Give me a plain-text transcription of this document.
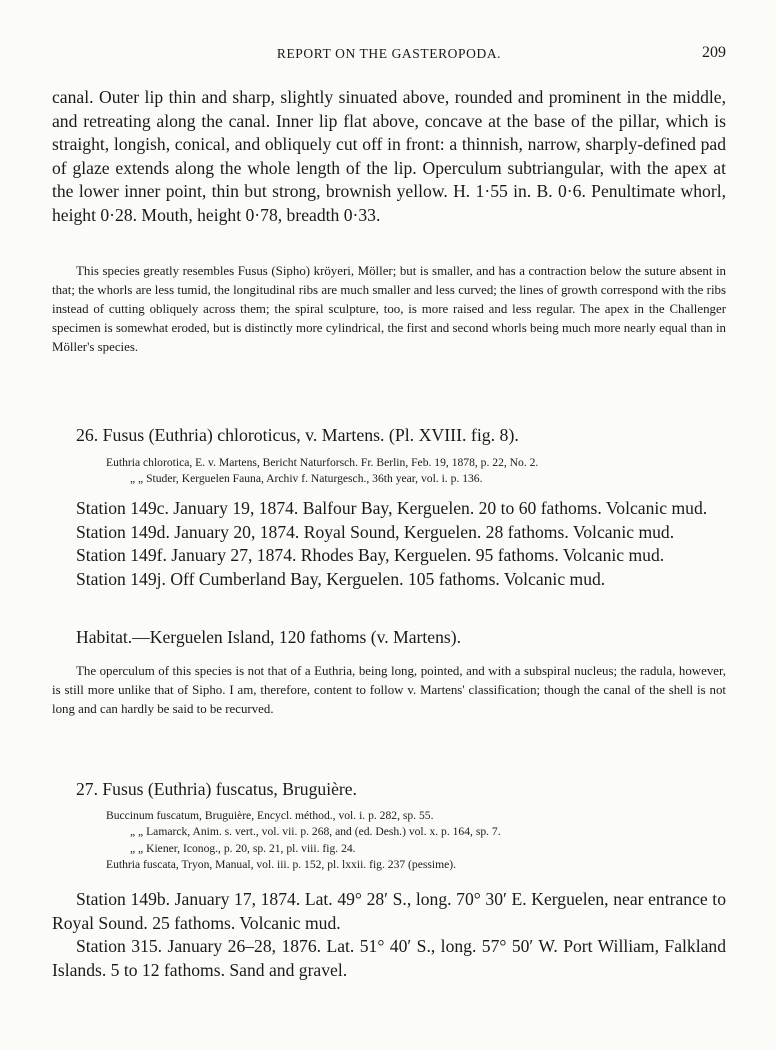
REPORT ON THE GASTEROPODA.	209

canal. Outer lip thin and sharp, slightly sinuated above, rounded and prominent in the middle, and retreating along the canal. Inner lip flat above, concave at the base of the pillar, which is straight, longish, conical, and obliquely cut off in front: a thinnish, narrow, sharply-defined pad of glaze extends along the whole length of the lip. Operculum subtriangular, with the apex at the lower inner point, thin but strong, brownish yellow. H. 1·55 in. B. 0·6. Penultimate whorl, height 0·28. Mouth, height 0·78, breadth 0·33.

This species greatly resembles Fusus (Sipho) kröyeri, Möller; but is smaller, and has a contraction below the suture absent in that; the whorls are less tumid, the longitudinal ribs are much smaller and less curved; the lines of growth correspond with the ribs instead of cutting obliquely across them; the spiral sculpture, too, is more raised and less regular. The apex in the Challenger specimen is somewhat eroded, but is distinctly more cylindrical, the first and second whorls being much more nearly equal than in Möller's species.

26. Fusus (Euthria) chloroticus, v. Martens. (Pl. XVIII. fig. 8).

Euthria chlorotica, E. v. Martens, Bericht Naturforsch. Fr. Berlin, Feb. 19, 1878, p. 22, No. 2.

„ „ Studer, Kerguelen Fauna, Archiv f. Naturgesch., 36th year, vol. i. p. 136.

Station 149c. January 19, 1874. Balfour Bay, Kerguelen. 20 to 60 fathoms. Volcanic mud.

Station 149d. January 20, 1874. Royal Sound, Kerguelen. 28 fathoms. Volcanic mud.

Station 149f. January 27, 1874. Rhodes Bay, Kerguelen. 95 fathoms. Volcanic mud.

Station 149j. Off Cumberland Bay, Kerguelen. 105 fathoms. Volcanic mud.

Habitat.—Kerguelen Island, 120 fathoms (v. Martens).

The operculum of this species is not that of a Euthria, being long, pointed, and with a subspiral nucleus; the radula, however, is still more unlike that of Sipho. I am, therefore, content to follow v. Martens' classification; though the canal of the shell is not long and can hardly be said to be recurved.

27. Fusus (Euthria) fuscatus, Bruguière.

Buccinum fuscatum, Bruguière, Encycl. méthod., vol. i. p. 282, sp. 55.

„ „ Lamarck, Anim. s. vert., vol. vii. p. 268, and (ed. Desh.) vol. x. p. 164, sp. 7.

„ „ Kiener, Iconog., p. 20, sp. 21, pl. viii. fig. 24.

Euthria fuscata, Tryon, Manual, vol. iii. p. 152, pl. lxxii. fig. 237 (pessime).

Station 149b. January 17, 1874. Lat. 49° 28′ S., long. 70° 30′ E. Kerguelen, near entrance to Royal Sound. 25 fathoms. Volcanic mud.

Station 315. January 26–28, 1876. Lat. 51° 40′ S., long. 57° 50′ W. Port William, Falkland Islands. 5 to 12 fathoms. Sand and gravel.
